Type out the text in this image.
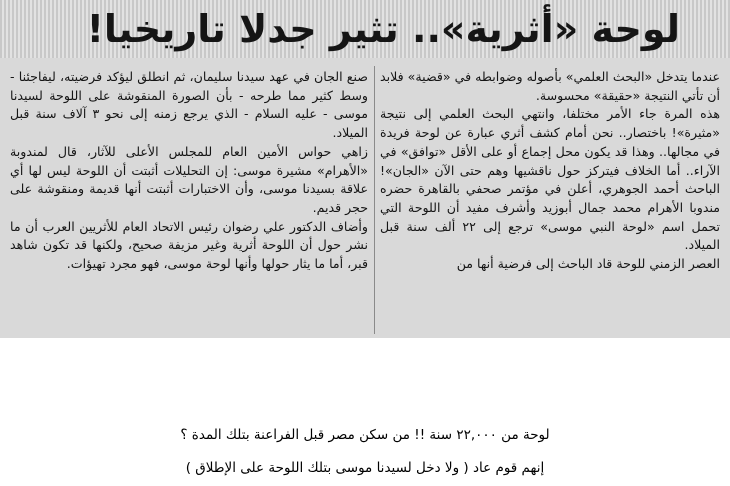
لوحة «أثرية».. تثير جدلا تاريخيا!

عندما يتدخل «البحث العلمي» بأصوله وضوابطه في «قضية» فلابد أن تأتي النتيجة «حقيقة» محسوسة.

هذه المرة جاء الأمر مختلفا، وانتهي البحث العلمي إلى نتيجة «مثيرة»! باختصار.. نحن أمام كشف أثري عبارة عن لوحة فريدة في مجالها.. وهذا قد يكون محل إجماع أو على الأقل «توافق» في الآراء.. أما الخلاف فيتركز حول ناقشيها وهم حتى الآن «الجان»! الباحث أحمد الجوهري، أعلن في مؤتمر صحفي بالقاهرة حضره مندوبا الأهرام محمد جمال أبوزيد وأشرف مفيد أن اللوحة التي تحمل اسم «لوحة النبي موسى» ترجع إلى ٢٢ ألف سنة قبل الميلاد.

العصر الزمني للوحة قاد الباحث إلى فرضية أنها من

صنع الجان في عهد سيدنا سليمان، ثم انطلق ليؤكد فرضيته، ليفاجئنا - وسط كثير مما طرحه - بأن الصورة المنقوشة على اللوحة لسيدنا موسى - عليه السلام - الذي يرجع زمنه إلى نحو ٣ آلاف سنة قبل الميلاد.

زاهي حواس الأمين العام للمجلس الأعلى للآثار، قال لمندوبة «الأهرام» مشيرة موسى: إن التحليلات أثبتت أن اللوحة ليس لها أي علاقة بسيدنا موسى، وأن الاختبارات أثبتت أنها قديمة ومنقوشة على حجر قديم.

وأضاف الدكتور علي رضوان رئيس الاتحاد العام للأثريين العرب أن ما نشر حول أن اللوحة أثرية وغير مزيفة صحيح، ولكنها قد تكون شاهد قبر، أما ما يثار حولها وأنها لوحة موسى، فهو مجرد تهيؤات.

لوحة من ٢٢,٠٠٠ سنة !! من سكن مصر قبل الفراعنة بتلك المدة ؟
إنهم قوم عاد ( ولا دخل لسيدنا موسى بتلك اللوحة على الإطلاق )
